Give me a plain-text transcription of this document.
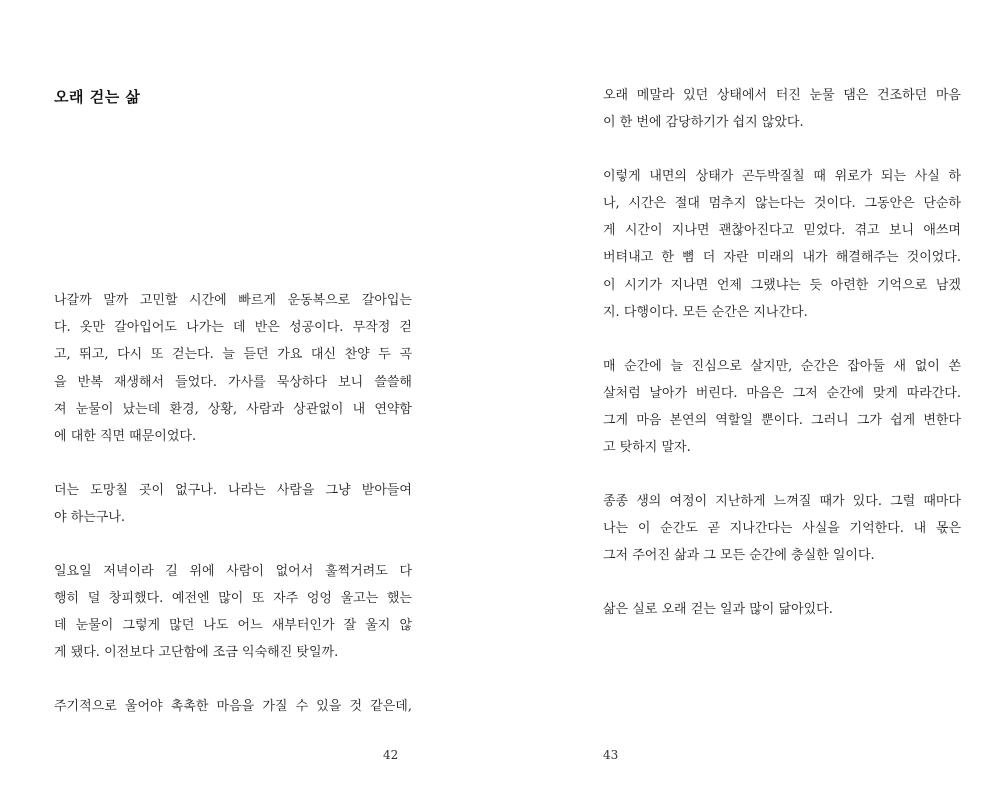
오래 걷는 삶

나갈까 말까 고민할 시간에 빠르게 운동복으로 갈아입는
다. 옷만 갈아입어도 나가는 데 반은 성공이다. 무작정 걷
고, 뛰고, 다시 또 걷는다. 늘 듣던 가요 대신 찬양 두 곡
을 반복 재생해서 들었다. 가사를 묵상하다 보니 쓸쓸해
져 눈물이 났는데 환경, 상황, 사람과 상관없이 내 연약함
에 대한 직면 때문이었다.

더는 도망칠 곳이 없구나. 나라는 사람을 그냥 받아들여
야 하는구나.

일요일 저녁이라 길 위에 사람이 없어서 훌쩍거려도 다
행히 덜 창피했다. 예전엔 많이 또 자주 엉엉 울고는 했는
데 눈물이 그렇게 많던 나도 어느 새부터인가 잘 울지 않
게 됐다. 이전보다 고단함에 조금 익숙해진 탓일까.

주기적으로 울어야 촉촉한 마음을 가질 수 있을 것 같은데,

42

오래 메말라 있던 상태에서 터진 눈물 댐은 건조하던 마음
이 한 번에 감당하기가 쉽지 않았다.

이렇게 내면의 상태가 곤두박질칠 때 위로가 되는 사실 하
나, 시간은 절대 멈추지 않는다는 것이다. 그동안은 단순하
게 시간이 지나면 괜찮아진다고 믿었다. 겪고 보니 애쓰며
버텨내고 한 뼘 더 자란 미래의 내가 해결해주는 것이었다.
이 시기가 지나면 언제 그랬냐는 듯 아련한 기억으로 남겠
지. 다행이다. 모든 순간은 지나간다.

매 순간에 늘 진심으로 살지만, 순간은 잡아둘 새 없이 쏜
살처럼 날아가 버린다. 마음은 그저 순간에 맞게 따라간다.
그게 마음 본연의 역할일 뿐이다. 그러니 그가 쉽게 변한다
고 탓하지 말자.

종종 생의 여정이 지난하게 느껴질 때가 있다. 그럴 때마다
나는 이 순간도 곧 지나간다는 사실을 기억한다. 내 몫은
그저 주어진 삶과 그 모든 순간에 충실한 일이다.

삶은 실로 오래 걷는 일과 많이 닮아있다.

43
